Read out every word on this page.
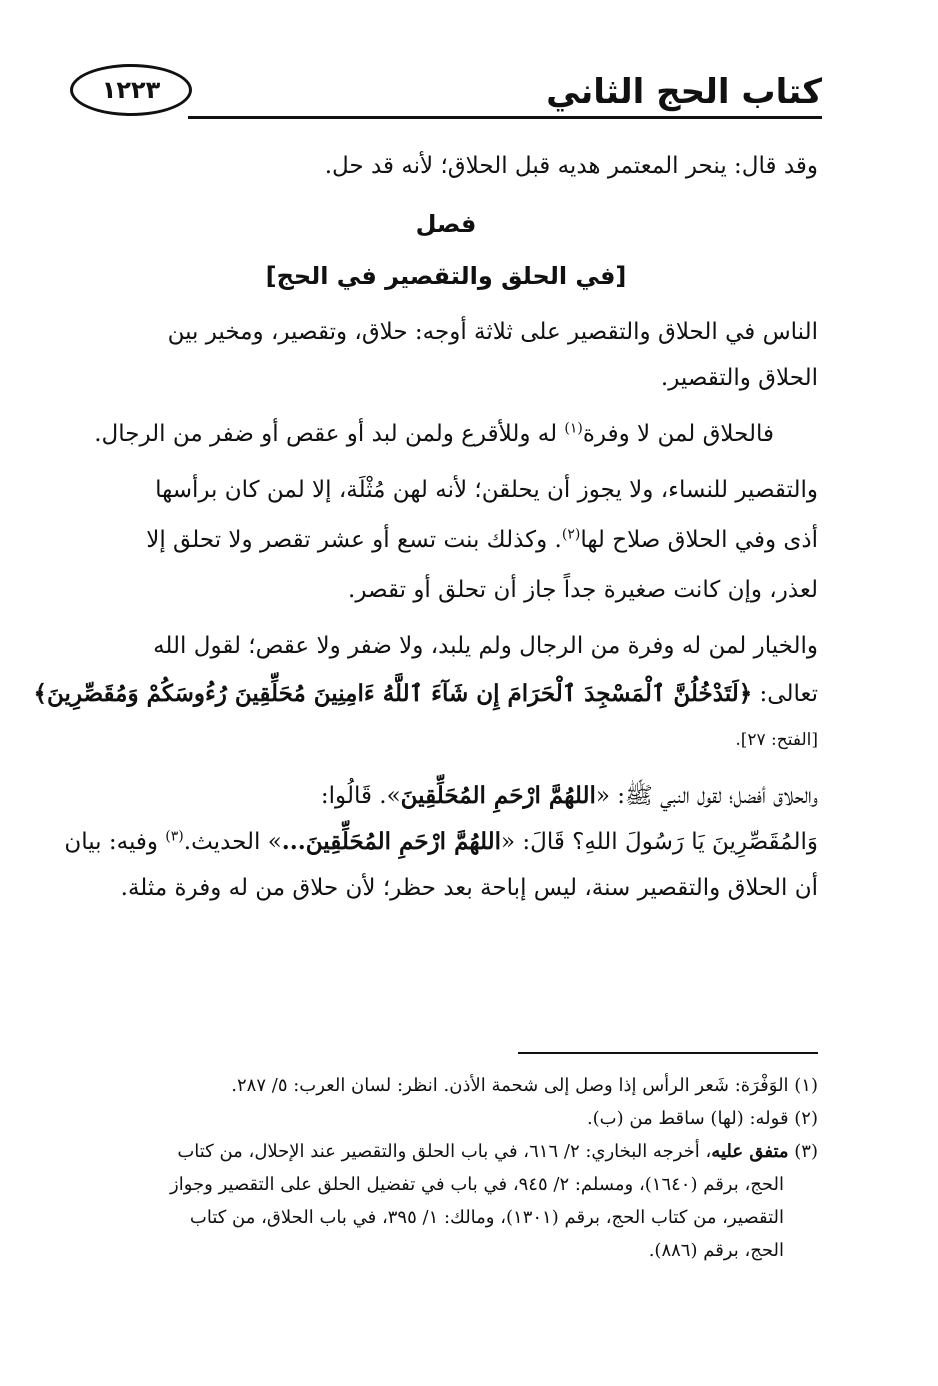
كتاب الحج الثاني
١٢٢٣

وقد قال: ينحر المعتمر هديه قبل الحلاق؛ لأنه قد حل.

فصل

[في الحلق والتقصير في الحج]

الناس في الحلاق والتقصير على ثلاثة أوجه: حلاق، وتقصير، ومخير بين

الحلاق والتقصير.

فالحلاق لمن لا وفرة$^{(١)}$ له وللأقرع ولمن لبد أو عقص أو ضفر من الرجال.

والتقصير للنساء، ولا يجوز أن يحلقن؛ لأنه لهن مُثْلَة، إلا لمن كان برأسها

أذى وفي الحلاق صلاح لها$^{(٢)}$. وكذلك بنت تسع أو عشر تقصر ولا تحلق إلا

لعذر، وإن كانت صغيرة جداً جاز أن تحلق أو تقصر.

والخيار لمن له وفرة من الرجال ولم يلبد، ولا ضفر ولا عقص؛ لقول الله

تعالى: ﴿لَتَدْخُلُنَّ ٱلْمَسْجِدَ ٱلْحَرَامَ إِن شَآءَ ٱللَّهُ ءَامِنِينَ مُحَلِّقِينَ رُءُوسَكُمْ وَمُقَصِّرِينَ﴾

[الفتح: ٢٧].

والحلاق أفضل؛ لقول النبي ﷺ: «اللهُمَّ ارْحَمِ المُحَلِّقِينَ». قَالُوا:

وَالمُقَصِّرِينَ يَا رَسُولَ اللهِ؟ قَالَ: «اللهُمَّ ارْحَمِ المُحَلِّقِينَ...» الحديث.$^{(٣)}$ وفيه: بيان

أن الحلاق والتقصير سنة، ليس إباحة بعد حظر؛ لأن حلاق من له وفرة مثلة.

(١) الوَفْرَة: شَعر الرأس إذا وصل إلى شحمة الأذن. انظر: لسان العرب: ٥/ ٢٨٧.

(٢) قوله: (لها) ساقط من (ب).

(٣) متفق عليه، أخرجه البخاري: ٢/ ٦١٦، في باب الحلق والتقصير عند الإحلال، من كتاب

الحج، برقم (١٦٤٠)، ومسلم: ٢/ ٩٤٥، في باب في تفضيل الحلق على التقصير وجواز

التقصير، من كتاب الحج، برقم (١٣٠١)، ومالك: ١/ ٣٩٥، في باب الحلاق، من كتاب

الحج، برقم (٨٨٦).
